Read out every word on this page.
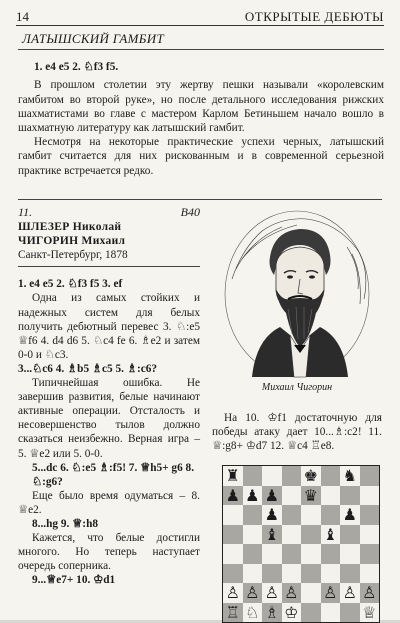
14	ОТКРЫТЫЕ ДЕБЮТЫ
ЛАТЫШСКИЙ ГАМБИТ

1. е4 е5 2. ♘f3 f5.

В прошлом столетии эту жертву пешки называли «королевским гамбитом во второй руке», но после детального исследования рижских шахматистами во главе с мастером Карлом Бетиньшем начало вошло в шахматную литературу как латышский гамбит.

Несмотря на некоторые практические успехи черных, латышский гамбит считается для них рискованным и в современной серьезной практике встречается редко.

11.	В40
ШЛЕЗЕР Николай
ЧИГОРИН Михаил
Санкт-Петербург, 1878

1. е4 е5 2. ♘f3 f5 3. ef

Одна из самых стойких и надежных систем для белых получить дебютный перевес 3. ♘:е5 ♕f6 4. d4 d6 5. ♘с4 fe 6. ♗е2 и затем 0-0 и ♘с3.

3...♘c6 4. ♗b5 ♗c5 5. ♗:c6?

Типичнейшая ошибка. Не завершив развития, белые начинают активные операции. Отсталость и несовершенство тылов должно сказаться неизбежно. Верная игра – 5. ♕е2 или 5. 0-0.

5...dc 6. ♘:e5 ♗:f5! 7. ♕h5+ g6 8. ♘:g6?

Еще было время одуматься – 8. ♕е2.

8...hg 9. ♕:h8

Кажется, что белые достигли многого. Но теперь наступает очередь соперника.

9...♕e7+ 10. ♔d1

Михаил Чигорин

На 10. ♔f1 достаточную для победы атаку дает 10...♗:c2! 11. ♕:g8+ ♔d7 12. ♕c4 ♖e8.

♜	♚ ♞
♟ ♟ ♟ ♛
♟	♟
♝	♝
♙ ♙ ♙ ♙ ♙ ♙ ♙
♖ ♘ ♗ ♔	♕
